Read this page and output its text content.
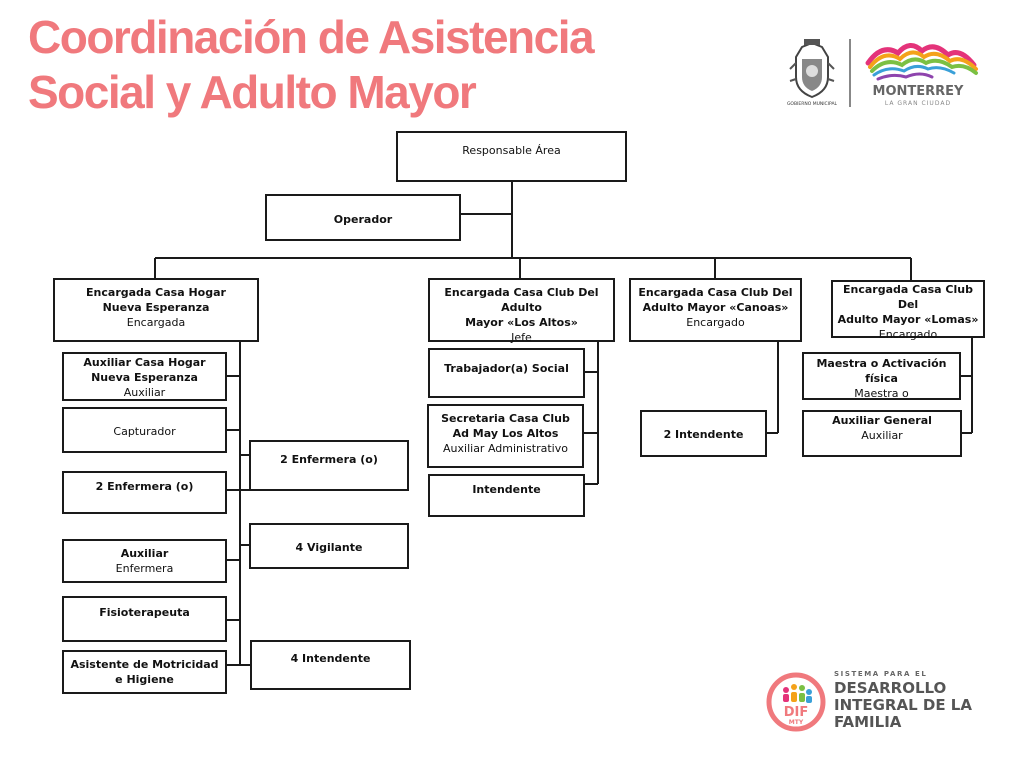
Coordinación de Asistencia
Social y Adulto Mayor	GOBIERNO MUNICIPAL
MONTERREY
LA GRAN CIUDAD
Responsable Área
Operador
Encargada Casa Hogar
Nueva Esperanza
Encargada
Auxiliar Casa Hogar
Nueva Esperanza
Auxiliar
Capturador
2 Enfermera (o)
Auxiliar
Enfermera
Fisioterapeuta
Asistente de Motricidad
e Higiene
2 Enfermera (o)
4 Vigilante
4 Intendente
Encargada Casa Club Del Adulto
Mayor «Los Altos»
Jefe
Trabajador(a) Social
Secretaria Casa Club
Ad May Los Altos
Auxiliar Administrativo
Intendente
Encargada Casa Club Del
Adulto Mayor «Canoas»
Encargado
2 Intendente
Encargada Casa Club Del
Adulto Mayor «Lomas»
Encargado
Maestra o Activación física
Maestra o
Auxiliar General
Auxiliar
DIF
MTY
SISTEMA PARA EL
DESARROLLO
INTEGRAL DE LA
FAMILIA
